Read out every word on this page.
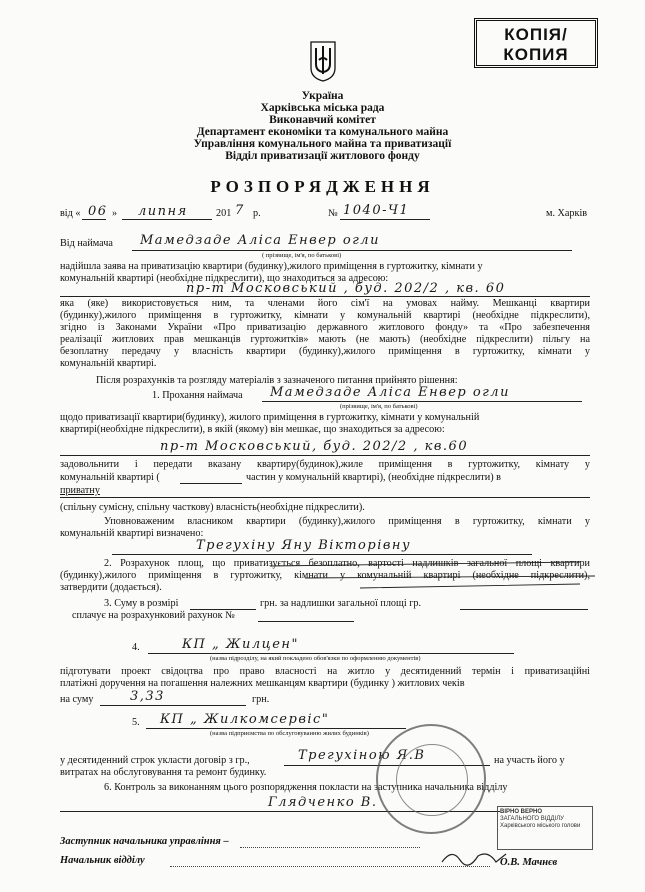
КОПІЯ/
КОПИЯ
Україна
Харківська міська рада
Виконавчий комітет
Департамент економіки та комунального майна
Управління комунального майна та приватизації
Відділ приватизації житлового фонду
РОЗПОРЯДЖЕННЯ
від « 06 » липня	201 7 р.	№ 1040-Ч1	м. Харків
Від наймача Мамедзаде Аліса Енвер огли
( прізвище, ім'я, по батькові)
надійшла заява на приватизацію квартири (будинку),жилого приміщення в гуртожитку, кімнати у
комунальній квартирі (необхідне підкреслити), що знаходиться за адресою:
пр-т Московський , буд. 202/2 , кв. 60
яка (яке) використовується ним, та членами його сім'ї на умовах найму. Мешканці квартири
(будинку),жилого приміщення в гуртожитку, кімнати у комунальній квартирі (необхідне підкреслити),
згідно із Законами України «Про приватизацію державного житлового фонду» та «Про забезпечення
реалізації житлових прав мешканців гуртожитків» мають (не мають) (необхідне підкреслити) пільгу на
безоплатну передачу у власність квартири (будинку),жилого приміщення в гуртожитку, кімнати у
комунальній квартирі.
Після розрахунків та розгляду матеріалів з зазначеного питання прийнято рішення:
1. Прохання наймача Мамедзаде Аліса Енвер огли
(прізвище, ім'я, по батькові)
щодо приватизації квартири(будинку), жилого приміщення в гуртожитку, кімнати у комунальній
квартирі(необхідне підкреслити), в якій (якому) він мешкає, що знаходиться за адресою:
пр-т Московський, буд. 202/2 , кв.60
задовольнити і передати вказану квартиру(будинок),жиле приміщення в гуртожитку, кімнату у
комунальній квартирі (	частин у комунальній квартирі), (необхідне підкреслити) в
приватну
(спільну сумісну, спільну часткову) власність(необхідне підкреслити).
Уповноваженим власником квартири (будинку),жилого приміщення в гуртожитку, кімнати у
комунальній квартирі визначено:
Трегухіну Яну Вікторівну
2. Розрахунок площ, що приватизується безоплатно, вартості надлишків загальної площі квартири
(будинку),жилого приміщення в гуртожитку, кімнати у комунальній квартирі (необхідне підкреслити),
затвердити (додається).
3. Суму в розмірі	грн. за надлишки загальної площі гр.
сплачує на розрахунковий рахунок №
4.	КП „ Жилцен"
(назва підрозділу, на який покладено обов'язки по оформленню документів)
підготувати проект свідоцтва про право власності на житло у десятиденний термін і приватизаційні
платіжні доручення на погашення належних мешканцям квартири (будинку ) житлових чеків
на суму	3,33	грн.
5. КП „ Жилкомсервіс"
(назва підприємства по обслуговуванню жилих будинків)
у десятиденний строк укласти договір з гр.,	Трегухіною Я.В	на участь його у
витратах на обслуговування та ремонт будинку.
6. Контроль за виконанням цього розпорядження покласти на заступника начальника відділу
Глядченко В.
ВІРНО ВЕРНО
ЗАГАЛЬНОГО ВІДДІЛУ
Харківського міського голови
Заступник начальника управління –
Начальник відділу	О.В. Мачнєв
